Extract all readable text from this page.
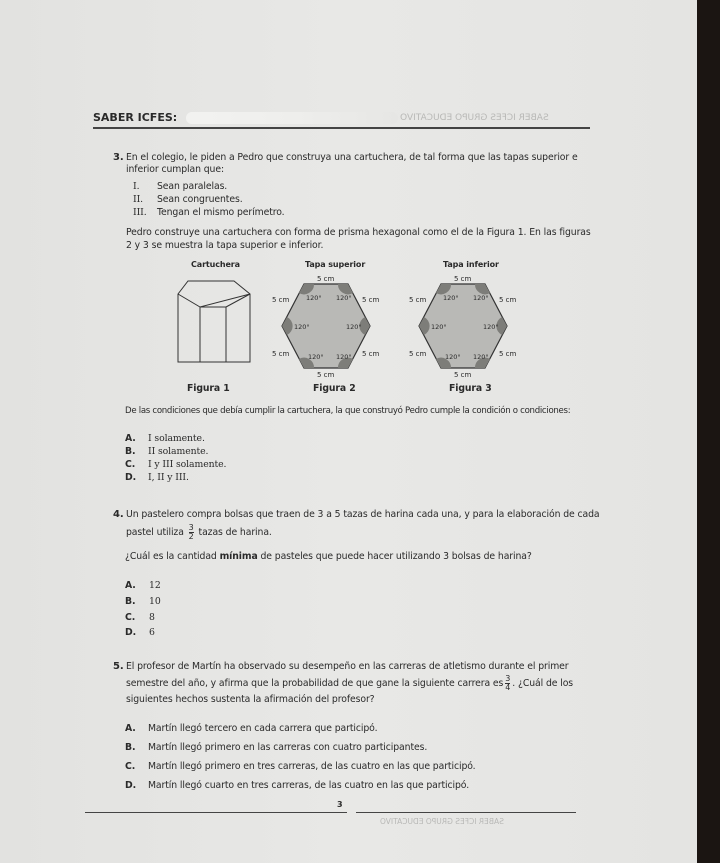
SABER ICFES:	SABER ICFES GRUPO EDUCATIVO
3. En el colegio, le piden a Pedro que construya una cartuchera, de tal forma que las tapas superior e
inferior cumplan que:
I. Sean paralelas.
II. Sean congruentes.
III. Tengan el mismo perímetro.
Pedro construye una cartuchera con forma de prisma hexagonal como el de la Figura 1. En las figuras
2 y 3 se muestra la tapa superior e inferior.
Cartuchera	Tapa superior	Tapa inferior
5 cm
5 cm
5 cm	5 cm
5 cm	5 cm
120° 120°
120°	120°
120° 120°
5 cm
5 cm
5 cm	5 cm
5 cm	5 cm
120° 120°
120°	120°
120° 120°
Figura 1	Figura 2	Figura 3
De las condiciones que debía cumplir la cartuchera, la que construyó Pedro cumple la condición o condiciones:
A. I solamente.
B. II solamente.
C. I y III solamente.
D. I, II y III.
4. Un pastelero compra bolsas que traen de 3 a 5 tazas de harina cada una, y para la elaboración de cada
pastel utiliza $\frac{3}{2}$ tazas de harina.
¿Cuál es la cantidad mínima de pasteles que puede hacer utilizando 3 bolsas de harina?
A. 12
B. 10
C. 8
D. 6
5. El profesor de Martín ha observado su desempeño en las carreras de atletismo durante el primer
semestre del año, y afirma que la probabilidad de que gane la siguiente carrera es $\frac{3}{4}$ . ¿Cuál de los
siguientes hechos sustenta la afirmación del profesor?
A. Martín llegó tercero en cada carrera que participó.
B. Martín llegó primero en las carreras con cuatro participantes.
C. Martín llegó primero en tres carreras, de las cuatro en las que participó.
D. Martín llegó cuarto en tres carreras, de las cuatro en las que participó.
3
SABER ICFES GRUPO EDUCATIVO
